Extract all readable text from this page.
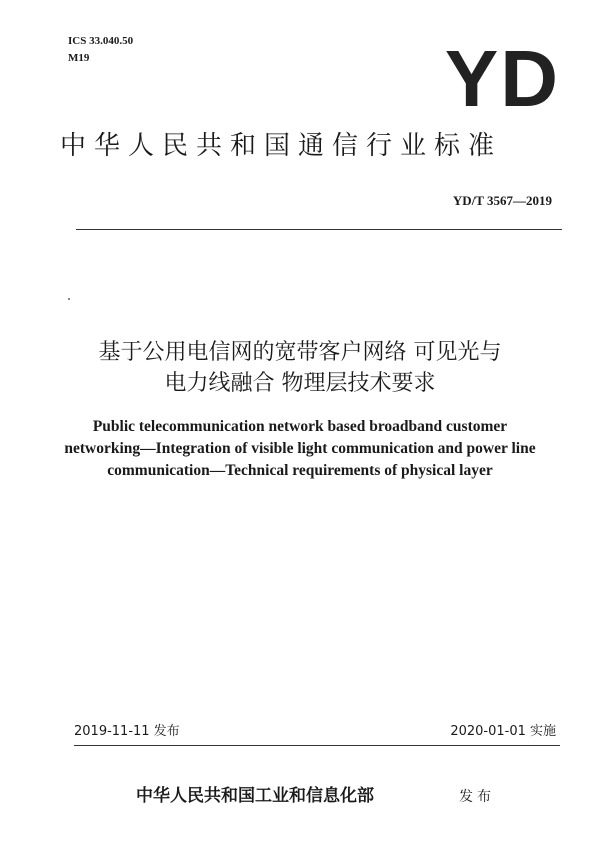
ICS 33.040.50
M19	YD
中华人民共和国通信行业标准
YD/T 3567—2019
基于公用电信网的宽带客户网络 可见光与
电力线融合 物理层技术要求
Public telecommunication network based broadband customer
networking—Integration of visible light communication and power line
communication—Technical requirements of physical layer
2019-11-11 发布	2020-01-01 实施
中华人民共和国工业和信息化部	发布
